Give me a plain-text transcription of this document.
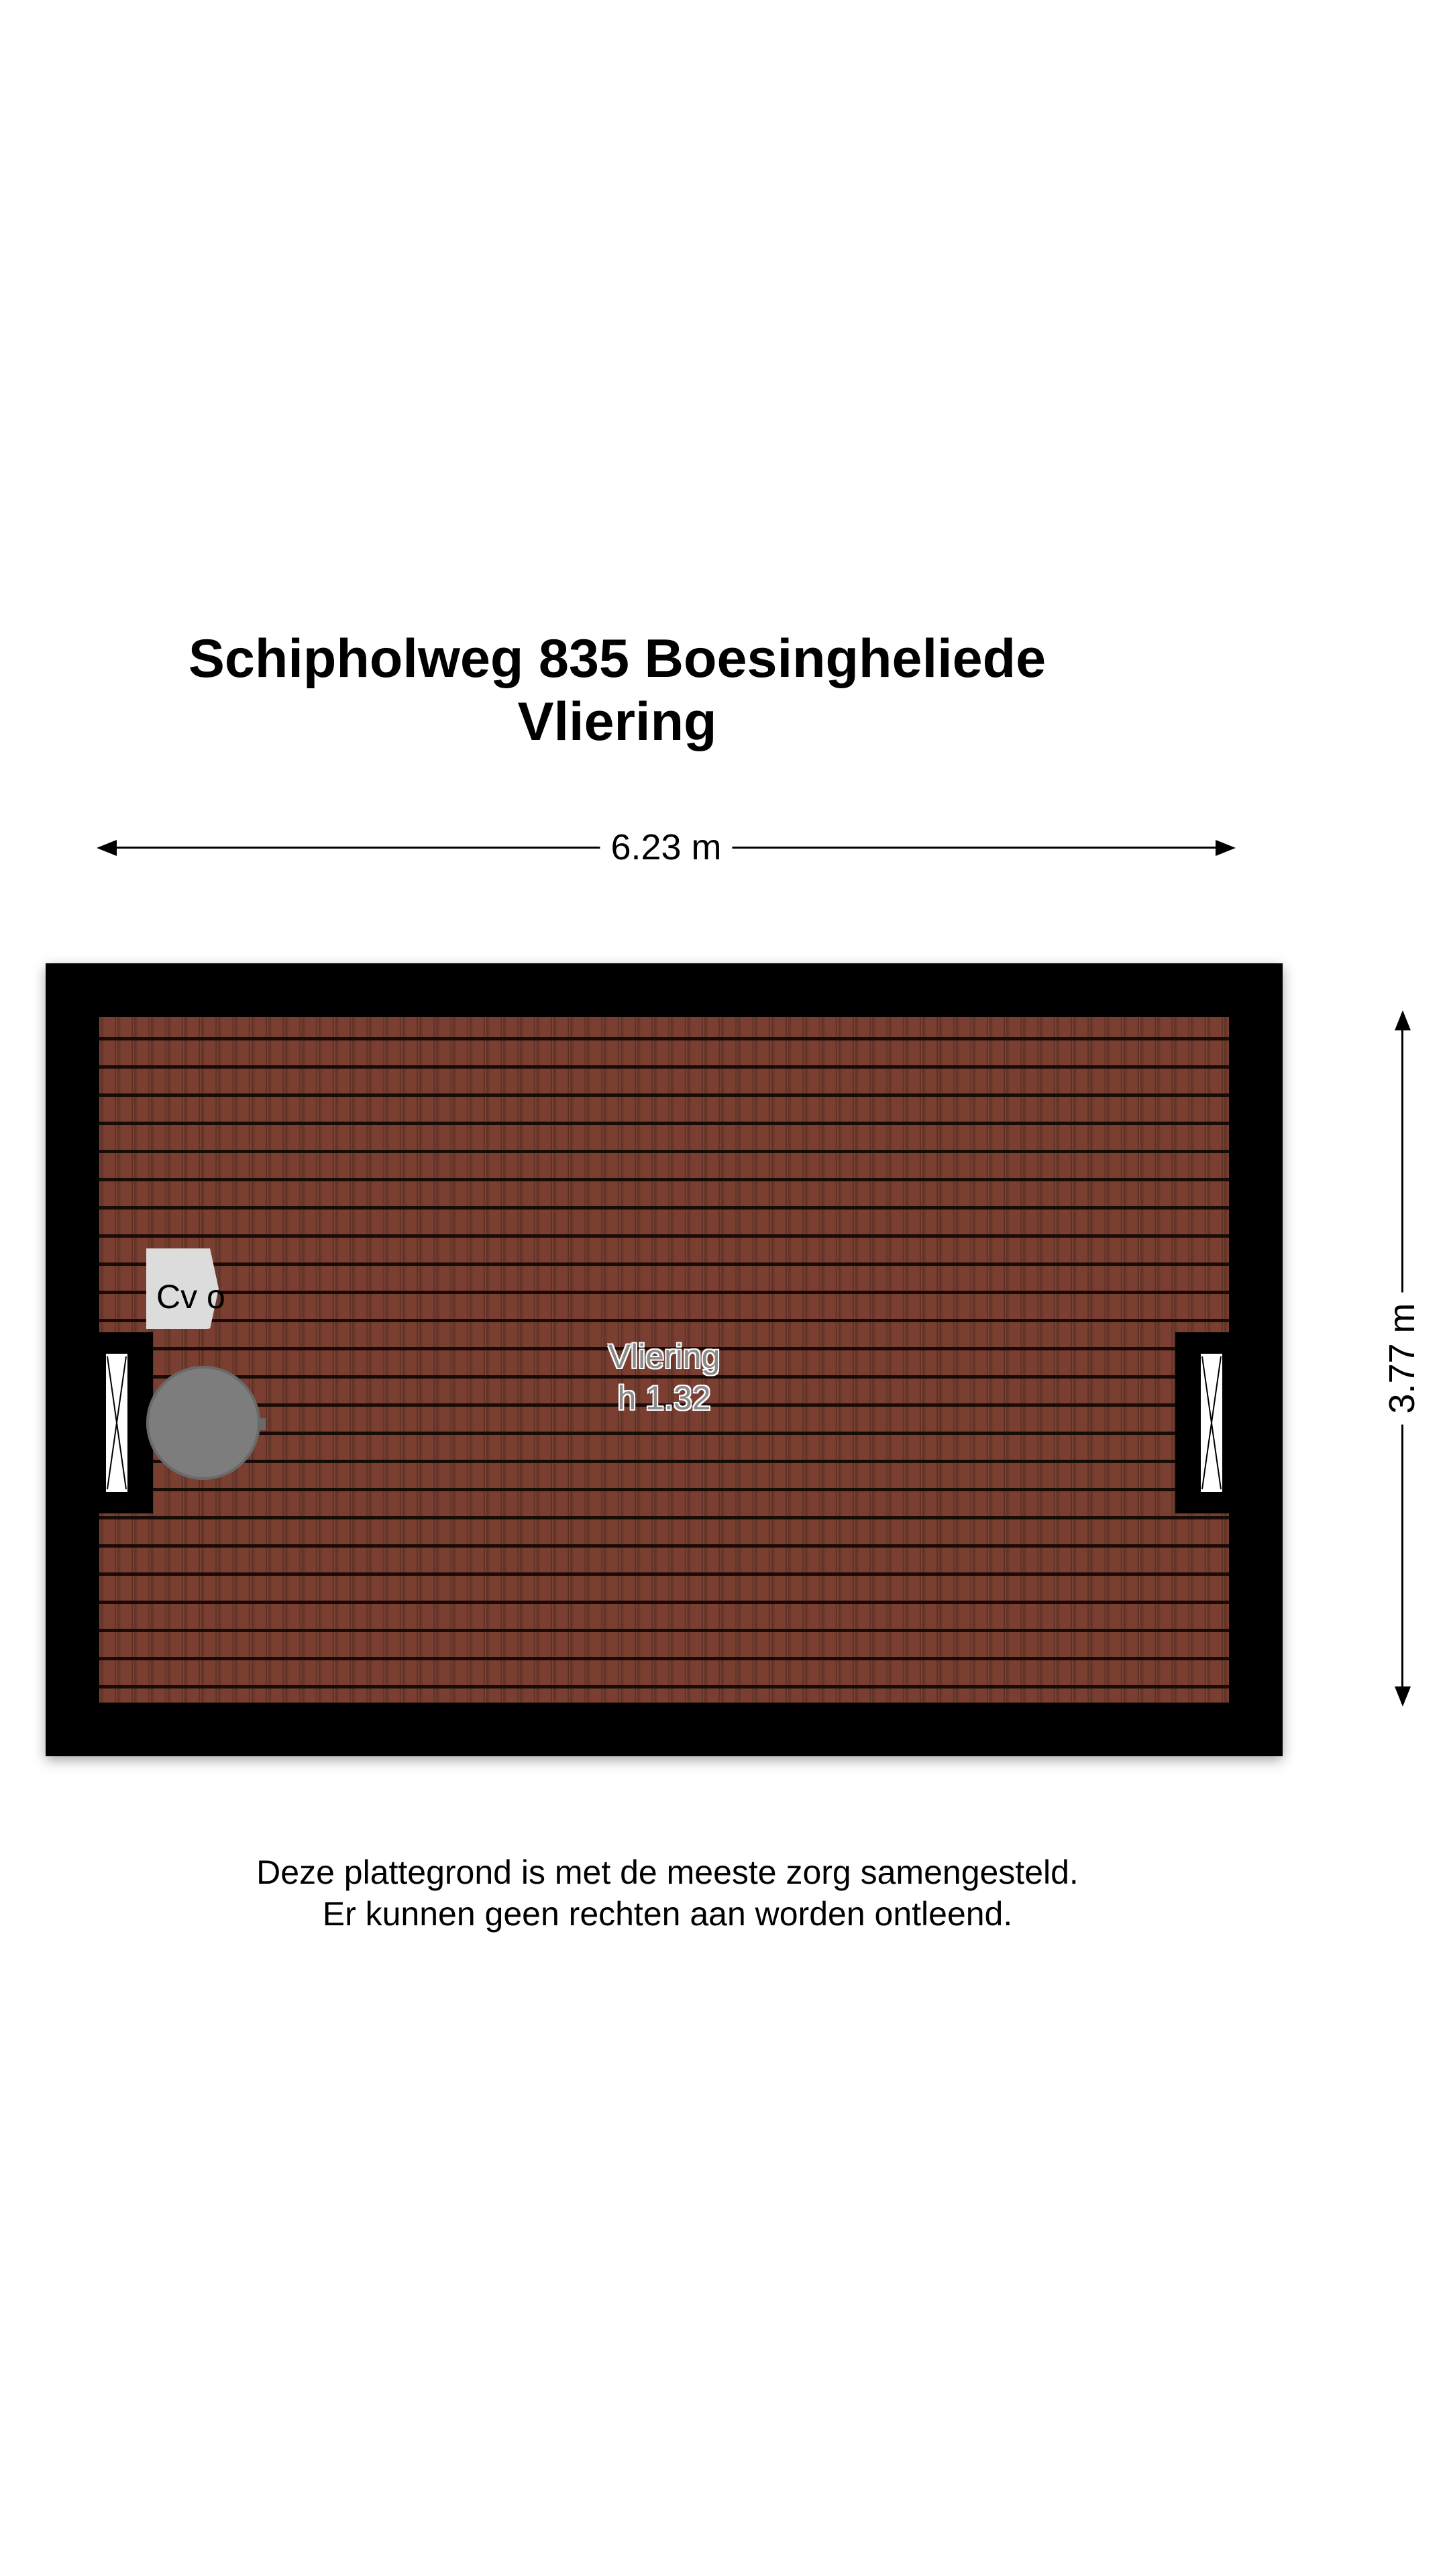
Schipholweg 835 Boesingheliede
Vliering
6.23 m
Cv o
Vliering
h 1.32	3.77 m
Deze plattegrond is met de meeste zorg samengesteld.
Er kunnen geen rechten aan worden ontleend.
